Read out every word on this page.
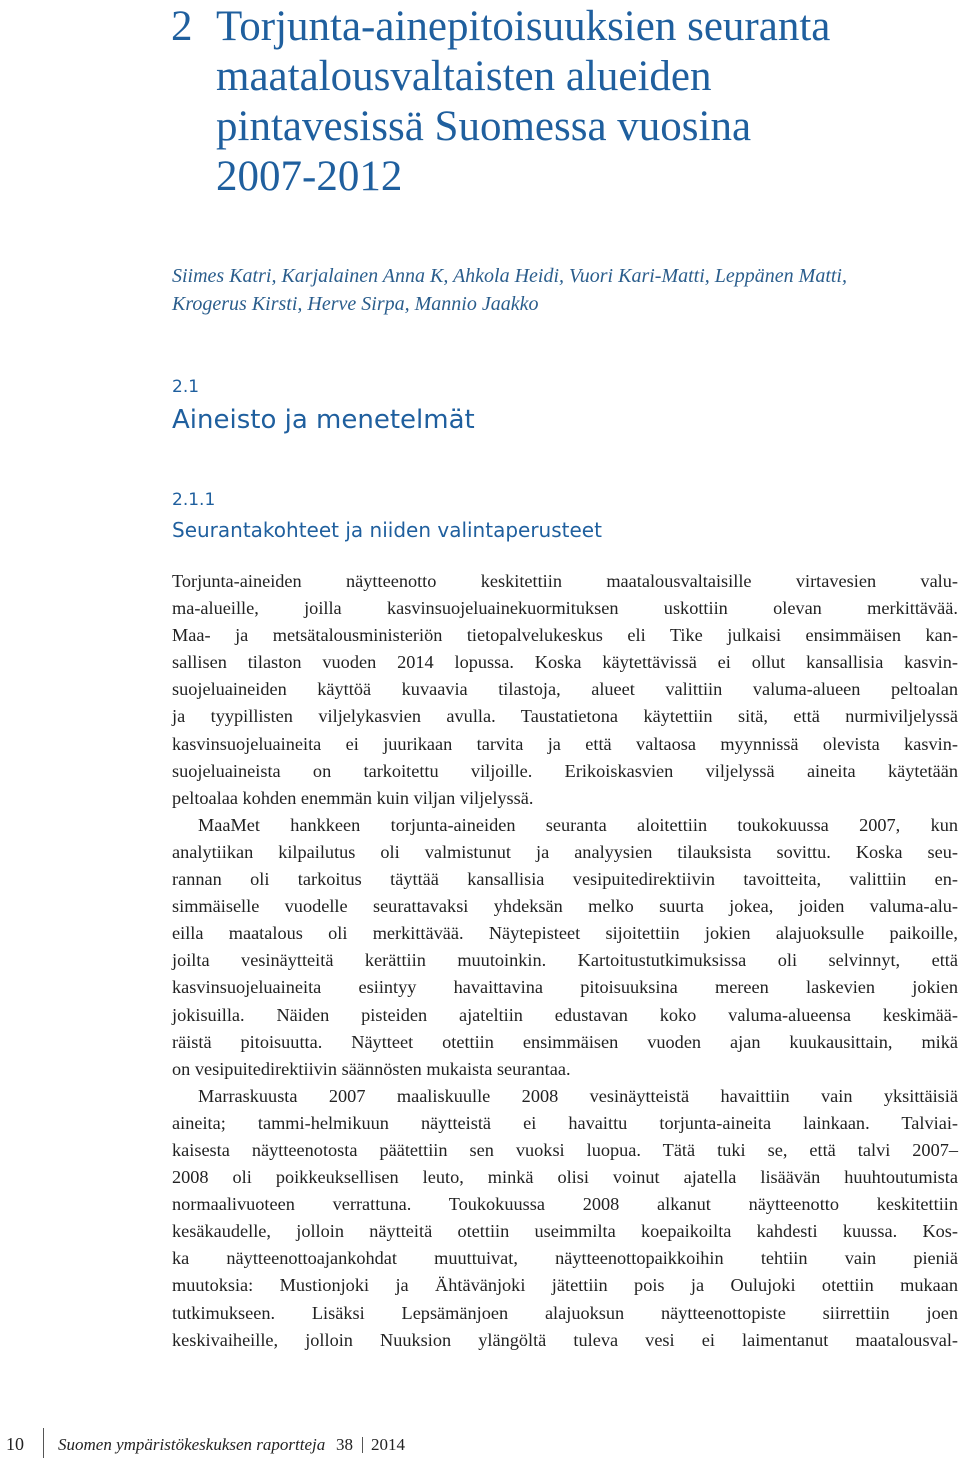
2 Torjunta-ainepitoisuuksien seuranta
maatalousvaltaisten alueiden
pintavesissä Suomessa vuosina
2007-2012

Siimes Katri, Karjalainen Anna K, Ahkola Heidi, Vuori Kari-Matti, Leppänen Matti,
Krogerus Kirsti, Herve Sirpa, Mannio Jaakko

2.1

Aineisto ja menetelmät

2.1.1

Seurantakohteet ja niiden valintaperusteet
Torjunta-aineiden näytteenotto keskitettiin maatalousvaltaisille virtavesien valu-
ma-alueille, joilla kasvinsuojeluainekuormituksen uskottiin olevan merkittävää.
Maa- ja metsätalousministeriön tietopalvelukeskus eli Tike julkaisi ensimmäisen kan-
sallisen tilaston vuoden 2014 lopussa. Koska käytettävissä ei ollut kansallisia kasvin-
suojeluaineiden käyttöä kuvaavia tilastoja, alueet valittiin valuma-alueen peltoalan
ja tyypillisten viljelykasvien avulla. Taustatietona käytettiin sitä, että nurmiviljelyssä
kasvinsuojeluaineita ei juurikaan tarvita ja että valtaosa myynnissä olevista kasvin-
suojeluaineista on tarkoitettu viljoille. Erikoiskasvien viljelyssä aineita käytetään
peltoalaa kohden enemmän kuin viljan viljelyssä.
MaaMet hankkeen torjunta-aineiden seuranta aloitettiin toukokuussa 2007, kun
analytiikan kilpailutus oli valmistunut ja analyysien tilauksista sovittu. Koska seu-
rannan oli tarkoitus täyttää kansallisia vesipuitedirektiivin tavoitteita, valittiin en-
simmäiselle vuodelle seurattavaksi yhdeksän melko suurta jokea, joiden valuma-alu-
eilla maatalous oli merkittävää. Näytepisteet sijoitettiin jokien alajuoksulle paikoille,
joilta vesinäytteitä kerättiin muutoinkin. Kartoitustutkimuksissa oli selvinnyt, että
kasvinsuojeluaineita esiintyy havaittavina pitoisuuksina mereen laskevien jokien
jokisuilla. Näiden pisteiden ajateltiin edustavan koko valuma-alueensa keskimää-
räistä pitoisuutta. Näytteet otettiin ensimmäisen vuoden ajan kuukausittain, mikä
on vesipuitedirektiivin säännösten mukaista seurantaa.
Marraskuusta 2007 maaliskuulle 2008 vesinäytteistä havaittiin vain yksittäisiä
aineita; tammi-helmikuun näytteistä ei havaittu torjunta-aineita lainkaan. Talviai-
kaisesta näytteenotosta päätettiin sen vuoksi luopua. Tätä tuki se, että talvi 2007–
2008 oli poikkeuksellisen leuto, minkä olisi voinut ajatella lisäävän huuhtoutumista
normaalivuoteen verrattuna. Toukokuussa 2008 alkanut näytteenotto keskitettiin
kesäkaudelle, jolloin näytteitä otettiin useimmilta koepaikoilta kahdesti kuussa. Kos-
ka näytteenottoajankohdat muuttuivat, näytteenottopaikkoihin tehtiin vain pieniä
muutoksia: Mustionjoki ja Ähtävänjoki jätettiin pois ja Oulujoki otettiin mukaan
tutkimukseen. Lisäksi Lepsämänjoen alajuoksun näytteenottopiste siirrettiin joen
keskivaiheille, jolloin Nuuksion ylängöltä tuleva vesi ei laimentanut maatalousval-
10 Suomen ympäristökeskuksen raportteja 38 2014
